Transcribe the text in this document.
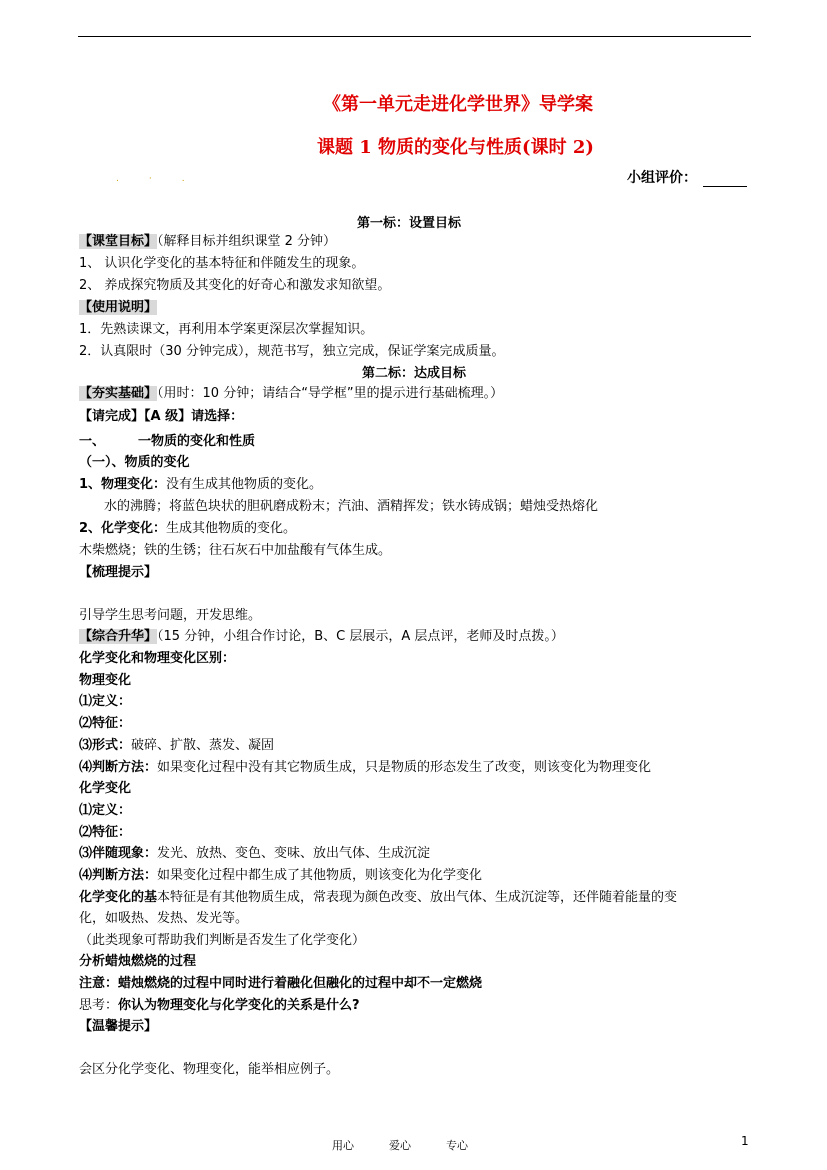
《第一单元走进化学世界》导学案
课题 1 物质的变化与性质(课时 2)
.‧.	小组评价：
第一标：设置目标
【课堂目标】（解释目标并组织课堂 2 分钟）
1、 认识化学变化的基本特征和伴随发生的现象。
2、 养成探究物质及其变化的好奇心和激发求知欲望。
【使用说明】
1．先熟读课文，再利用本学案更深层次掌握知识。
2．认真限时（30 分钟完成），规范书写，独立完成，保证学案完成质量。
第二标：达成目标
【夯实基础】（用时：10 分钟；请结合“导学框”里的提示进行基础梳理。）
【请完成】【A 级】请选择：
一、	一物质的变化和性质
（一）、物质的变化
1、物理变化：没有生成其他物质的变化。
水的沸腾；将蓝色块状的胆矾磨成粉末；汽油、酒精挥发；铁水铸成锅；蜡烛受热熔化
2、化学变化：生成其他物质的变化。
木柴燃烧；铁的生锈；往石灰石中加盐酸有气体生成。
【梳理提示】
引导学生思考问题，开发思维。
【综合升华】（15 分钟，小组合作讨论，B、C 层展示，A 层点评，老师及时点拨。）
化学变化和物理变化区别：
物理变化
⑴定义：
⑵特征：
⑶形式：破碎、扩散、蒸发、凝固
⑷判断方法：如果变化过程中没有其它物质生成，只是物质的形态发生了改变，则该变化为物理变化
化学变化
⑴定义：
⑵特征：
⑶伴随现象：发光、放热、变色、变味、放出气体、生成沉淀
⑷判断方法：如果变化过程中都生成了其他物质，则该变化为化学变化
化学变化的基本特征是有其他物质生成，常表现为颜色改变、放出气体、生成沉淀等，还伴随着能量的变
化，如吸热、发热、发光等。
（此类现象可帮助我们判断是否发生了化学变化）
分析蜡烛燃烧的过程
注意：蜡烛燃烧的过程中同时进行着融化但融化的过程中却不一定燃烧
思考：你认为物理变化与化学变化的关系是什么?
【温馨提示】
会区分化学变化、物理变化，能举相应例子。
用心	爱心	专心	1
